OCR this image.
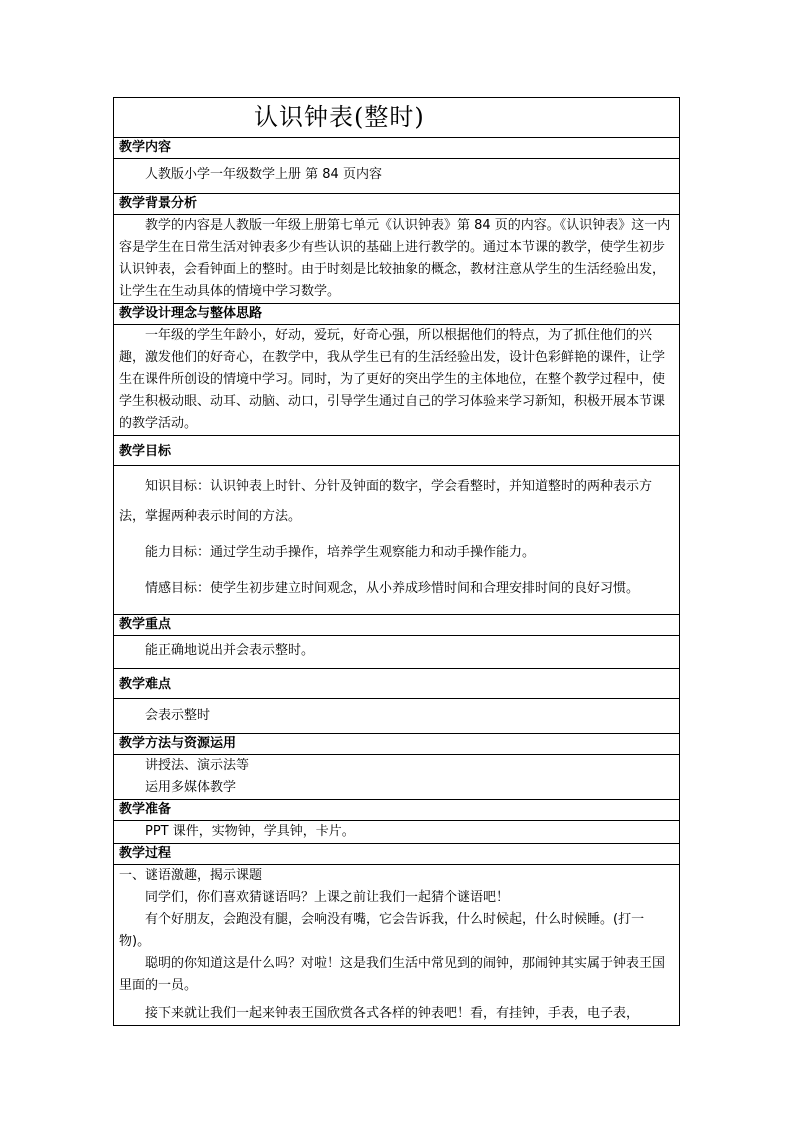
认识钟表(整时)

教学内容

人教版小学一年级数学上册 第 84 页内容

教学背景分析

教学的内容是人教版一年级上册第七单元《认识钟表》第 84 页的内容。《认识钟表》这一内容是学生在日常生活对钟表多少有些认识的基础上进行教学的。通过本节课的教学，使学生初步认识钟表，会看钟面上的整时。由于时刻是比较抽象的概念，教材注意从学生的生活经验出发，让学生在生动具体的情境中学习数学。

教学设计理念与整体思路

一年级的学生年龄小，好动，爱玩，好奇心强，所以根据他们的特点，为了抓住他们的兴趣，激发他们的好奇心，在教学中，我从学生已有的生活经验出发，设计色彩鲜艳的课件，让学生在课件所创设的情境中学习。同时，为了更好的突出学生的主体地位，在整个教学过程中，使学生积极动眼、动耳、动脑、动口，引导学生通过自己的学习体验来学习新知，积极开展本节课的教学活动。

教学目标

知识目标：认识钟表上时针、分针及钟面的数字，学会看整时，并知道整时的两种表示方法，掌握两种表示时间的方法。

能力目标：通过学生动手操作，培养学生观察能力和动手操作能力。

情感目标：使学生初步建立时间观念，从小养成珍惜时间和合理安排时间的良好习惯。

教学重点

能正确地说出并会表示整时。

教学难点

会表示整时

教学方法与资源运用

讲授法、演示法等
运用多媒体教学

教学准备

PPT 课件，实物钟，学具钟，卡片。

教学过程

一、谜语激趣，揭示课题
同学们，你们喜欢猜谜语吗？上课之前让我们一起猜个谜语吧！
有个好朋友，会跑没有腿，会响没有嘴，它会告诉我，什么时候起，什么时候睡。(打一物)。
聪明的你知道这是什么吗？对啦！这是我们生活中常见到的闹钟，那闹钟其实属于钟表王国里面的一员。
接下来就让我们一起来钟表王国欣赏各式各样的钟表吧！看，有挂钟，手表，电子表，
